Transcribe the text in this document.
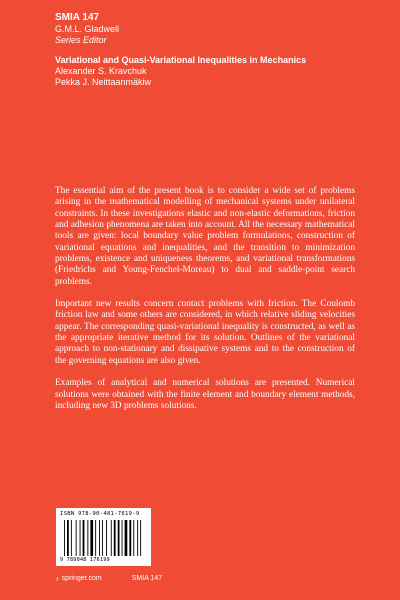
SMIA 147
G.M.L. Gladwell
Series Editor
Variational and Quasi-Variational Inequalities in Mechanics
Alexander S. Kravchuk
Pekka J. Neittaanmäkiw

The essential aim of the present book is to consider a wide set of problems arising in the mathematical modelling of mechanical systems under unilateral constraints. In these investigations elastic and non-elastic deformations, friction and adhesion phenomena are taken into account. All the necessary mathematical tools are given: local boundary value problem formulations, construction of variational equations and inequalities, and the transition to minimization problems, existence and uniqueness theorems, and variational transformations (Friedrichs and Young-Fenchel-Moreau) to dual and saddle-point search problems.

Important new results concern contact problems with friction. The Coulomb friction law and some others are considered, in which relative sliding velocities appear. The corresponding quasi-variational inequality is constructed, as well as the appropriate iterative method for its solution. Outlines of the variational approach to non-stationary and dissipative systems and to the construction of the governing equations are also given.

Examples of analytical and numerical solutions are presented. Numerical solutions were obtained with the finite element and boundary element methods, including new 3D problems solutions.

ISBN 978-90-481-7619-9
9 789048 176199
› springer.com	SMIA 147
